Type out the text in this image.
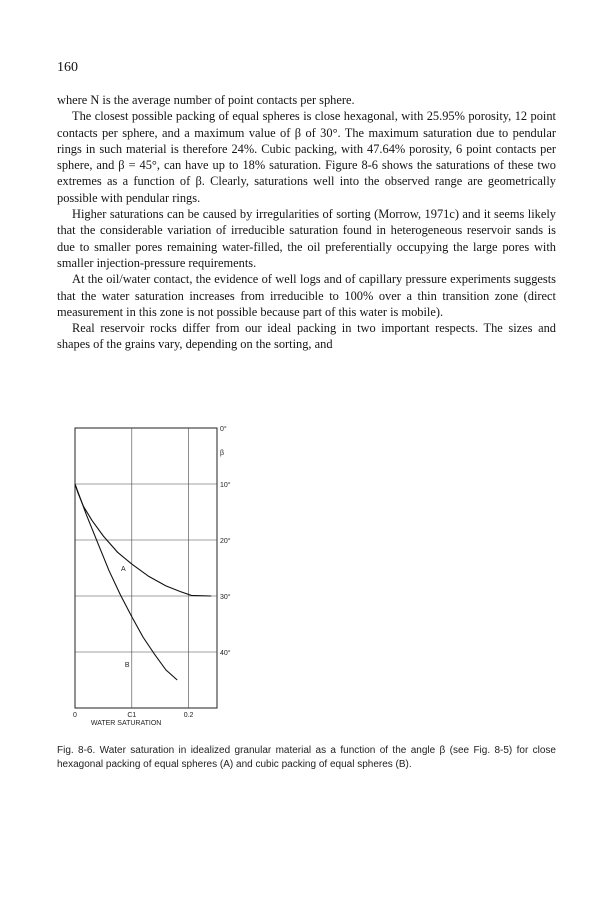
160

where N is the average number of point contacts per sphere.

The closest possible packing of equal spheres is close hexagonal, with 25.95% porosity, 12 point contacts per sphere, and a maximum value of β of 30°. The maximum saturation due to pendular rings in such material is therefore 24%. Cubic packing, with 47.64% porosity, 6 point contacts per sphere, and β = 45°, can have up to 18% saturation. Figure 8-6 shows the saturations of these two extremes as a function of β. Clearly, saturations well into the observed range are geometrically possible with pendular rings.

Higher saturations can be caused by irregularities of sorting (Morrow, 1971c) and it seems likely that the considerable variation of irreducible saturation found in heterogeneous reservoir sands is due to smaller pores remaining water-filled, the oil preferentially occupying the large pores with smaller injection-pressure requirements.

At the oil/water contact, the evidence of well logs and of capillary pressure experiments suggests that the water saturation increases from irreducible to 100% over a thin transition zone (direct measurement in this zone is not possible because part of this water is mobile).

Real reservoir rocks differ from our ideal packing in two important respects. The sizes and shapes of the grains vary, depending on the sorting, and

0°
10°
20°
30°
40°
β
0	C1	0.2
WATER SATURATION
A
B
Fig. 8-6. Water saturation in idealized granular material as a function of the angle β (see Fig. 8-5) for close hexagonal packing of equal spheres (A) and cubic packing of equal spheres (B).
